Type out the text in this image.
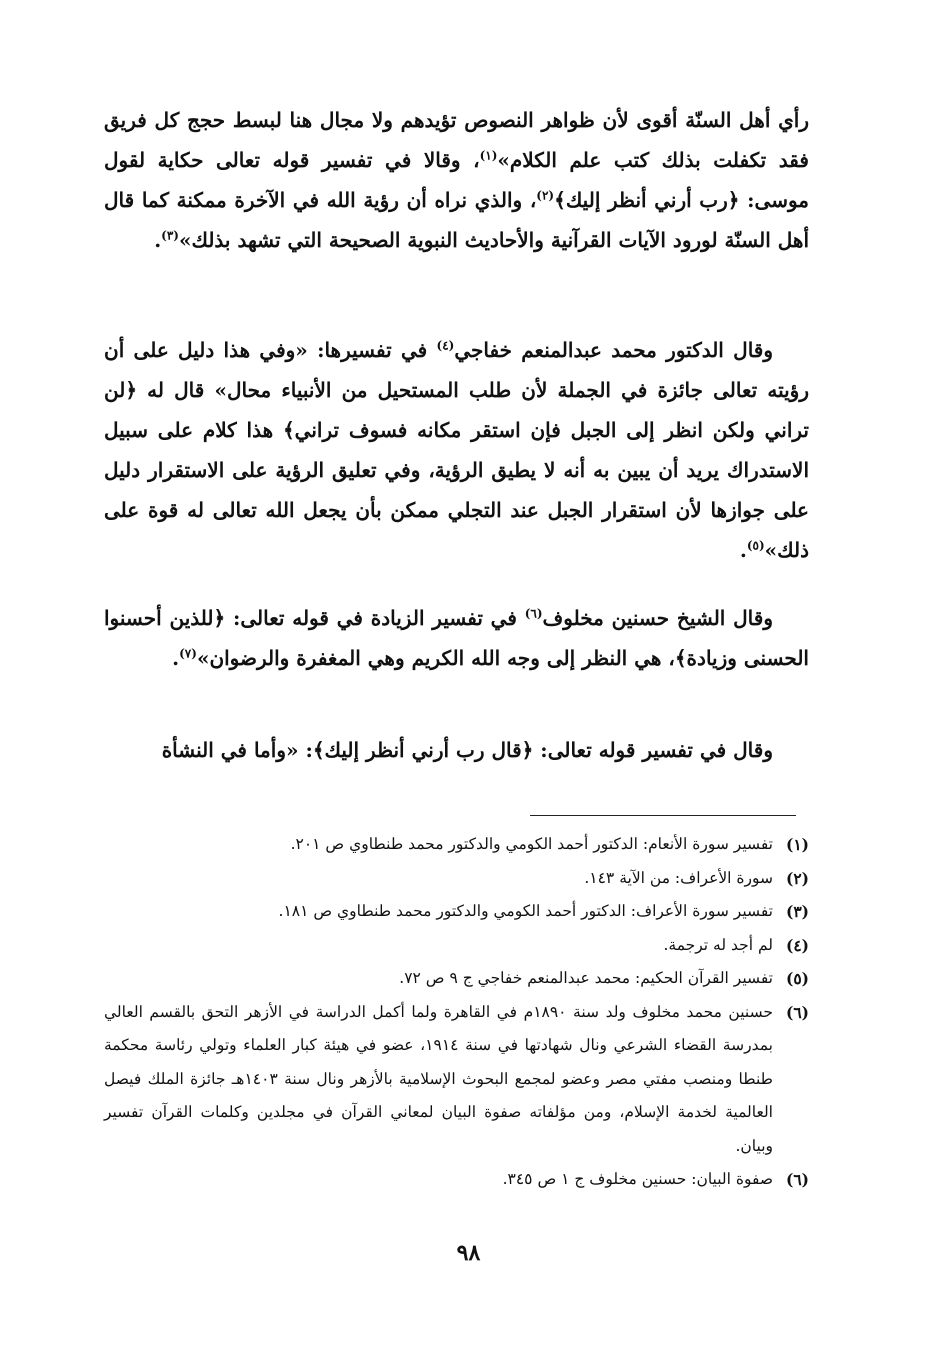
رأي أهل السنّة أقوى لأن ظواهر النصوص تؤيدهم ولا مجال هنا لبسط حجج كل فريق فقد تكفلت بذلك كتب علم الكلام»$^{(١)}$، وقالا في تفسير قوله تعالى حكاية لقول موسى: ﴿رب أرني أنظر إليك﴾$^{(٢)}$، والذي نراه أن رؤية الله في الآخرة ممكنة كما قال أهل السنّة لورود الآيات القرآنية والأحاديث النبوية الصحيحة التي تشهد بذلك»$^{(٣)}$.

وقال الدكتور محمد عبدالمنعم خفاجي$^{(٤)}$ في تفسيرها: «وفي هذا دليل على أن رؤيته تعالى جائزة في الجملة لأن طلب المستحيل من الأنبياء محال» قال له ﴿لن تراني ولكن انظر إلى الجبل فإن استقر مكانه فسوف تراني﴾ هذا كلام على سبيل الاستدراك يريد أن يبين به أنه لا يطيق الرؤية، وفي تعليق الرؤية على الاستقرار دليل على جوازها لأن استقرار الجبل عند التجلي ممكن بأن يجعل الله تعالى له قوة على ذلك»$^{(٥)}$.

وقال الشيخ حسنين مخلوف$^{(٦)}$ في تفسير الزيادة في قوله تعالى: ﴿للذين أحسنوا الحسنى وزيادة﴾، هي النظر إلى وجه الله الكريم وهي المغفرة والرضوان»$^{(٧)}$.

وقال في تفسير قوله تعالى: ﴿قال رب أرني أنظر إليك﴾: «وأما في النشأة

(١)
تفسير سورة الأنعام: الدكتور أحمد الكومي والدكتور محمد طنطاوي ص ٢٠١.
(٢)
سورة الأعراف: من الآية ١٤٣.
(٣)
تفسير سورة الأعراف: الدكتور أحمد الكومي والدكتور محمد طنطاوي ص ١٨١.
(٤)
لم أجد له ترجمة.
(٥)
تفسير القرآن الحكيم: محمد عبدالمنعم خفاجي ج ٩ ص ٧٢.
(٦)
حسنين محمد مخلوف ولد سنة ١٨٩٠م في القاهرة ولما أكمل الدراسة في الأزهر التحق بالقسم العالي بمدرسة القضاء الشرعي ونال شهادتها في سنة ١٩١٤، عضو في هيئة كبار العلماء وتولي رئاسة محكمة طنطا ومنصب مفتي مصر وعضو لمجمع البحوث الإسلامية بالأزهر ونال سنة ١٤٠٣هـ جائزة الملك فيصل العالمية لخدمة الإسلام، ومن مؤلفاته صفوة البيان لمعاني القرآن في مجلدين وكلمات القرآن تفسير وبيان.
(٦)
صفوة البيان: حسنين مخلوف ج ١ ص ٣٤٥.
٩٨
